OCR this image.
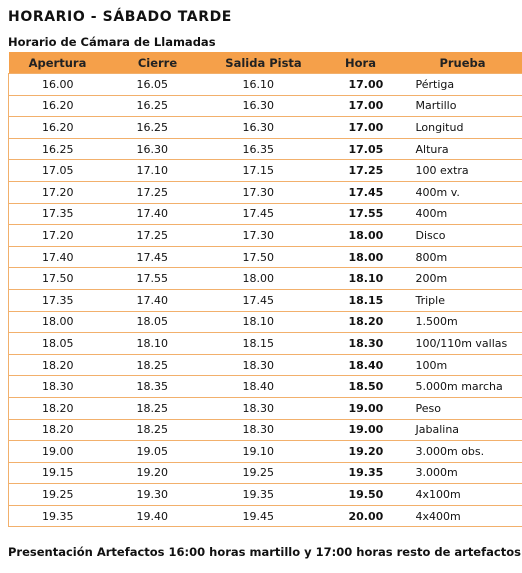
HORARIO - SÁBADO TARDE
Horario de Cámara de Llamadas
Apertura	Cierre	Salida Pista	Hora	Prueba
16.00	16.05	16.10	17.00	Pértiga
16.20	16.25	16.30	17.00	Martillo
16.20	16.25	16.30	17.00	Longitud
16.25	16.30	16.35	17.05	Altura
17.05	17.10	17.15	17.25	100 extra
17.20	17.25	17.30	17.45	400m v.
17.35	17.40	17.45	17.55	400m
17.20	17.25	17.30	18.00	Disco
17.40	17.45	17.50	18.00	800m
17.50	17.55	18.00	18.10	200m
17.35	17.40	17.45	18.15	Triple
18.00	18.05	18.10	18.20	1.500m
18.05	18.10	18.15	18.30	100/110m vallas
18.20	18.25	18.30	18.40	100m
18.30	18.35	18.40	18.50	5.000m marcha
18.20	18.25	18.30	19.00	Peso
18.20	18.25	18.30	19.00	Jabalina
19.00	19.05	19.10	19.20	3.000m obs.
19.15	19.20	19.25	19.35	3.000m
19.25	19.30	19.35	19.50	4x100m
19.35	19.40	19.45	20.00	4x400m

Presentación Artefactos 16:00 horas martillo y 17:00 horas resto de artefactos
